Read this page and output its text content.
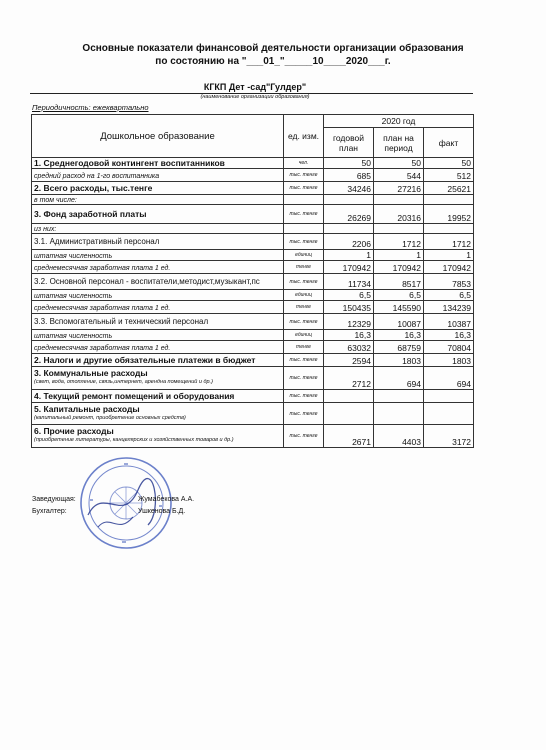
Основные показатели финансовой деятельности организации образования
по состоянию на "___01_"_____10____2020___г.
КГКП Дет -сад"Гулдер"
(наименование организации образования)
Периодичность: ежеквартально
Дошкольное образование	ед. изм.	2020 год		
		годовой план	план на период	факт
1. Среднегодовой контингент воспитанников	чел.	50	50	50
средний расход на 1-го воспитанника	тыс. тенге	685	544	512
2. Всего расходы, тыс.тенге	тыс. тенге	34246	27216	25621
в том числе:				
3. Фонд заработной платы	тыс. тенге	26269	20316	19952
из них:				
3.1. Административный персонал	тыс. тенге	2206	1712	1712
штатная численность	единиц	1	1	1
среднемесячная заработная плата 1 ед.	тенге	170942	170942	170942
3.2. Основной персонал - воспитатели,методист,музыкант,пс	тыс. тенге	11734	8517	7853
штатная численность	единиц	6,5	6,5	6,5
среднемесячная заработная плата 1 ед.	тенге	150435	145590	134239
3.3. Вспомогательный и технический персонал	тыс. тенге	12329	10087	10387
штатная численность	единиц	16,3	16,3	16,3
среднемесячная заработная плата 1 ед.	тенге	63032	68759	70804
2. Налоги и другие обязательные платежи в бюджет	тыс. тенге	2594	1803	1803
3. Коммунальные расходы
(свет, вода, отопление, связь,интернет, арендна помещений и др.)	тыс. тенге	2712	694	694
4. Текущий ремонт помещений и оборудования	тыс. тенге			
5. Капитальные расходы
(капитальный ремонт, приобретение основных средств)	тыс. тенге			
6. Прочие расходы
(приобретение литературы, канцелярских и хозяйственных товаров и др.)	тыс. тенге	2671	4403	3172
Заведующая:	Жумабекова А.А.
Бухгалтер:	Ушкенова Б.Д.
